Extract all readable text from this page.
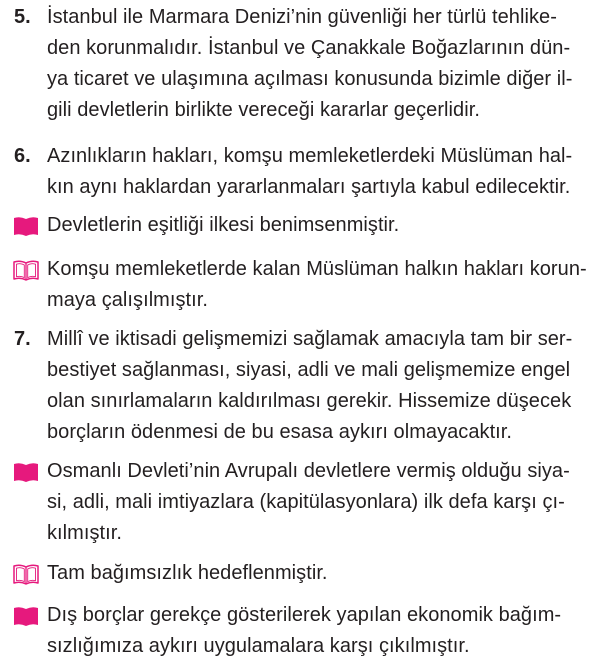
5. İstanbul ile Marmara Denizi’nin güvenliği her türlü tehlike-
den korunmalıdır. İstanbul ve Çanakkale Boğazlarının dün-
ya ticaret ve ulaşımına açılması konusunda bizimle diğer il-
gili devletlerin birlikte vereceği kararlar geçerlidir.
6. Azınlıkların hakları, komşu memleketlerdeki Müslüman hal-
kın aynı haklardan yararlanmaları şartıyla kabul edilecektir.
Devletlerin eşitliği ilkesi benimsenmiştir.
Komşu memleketlerde kalan Müslüman halkın hakları korun-
maya çalışılmıştır.
7. Millî ve iktisadi gelişmemizi sağlamak amacıyla tam bir ser-
bestiyet sağlanması, siyasi, adli ve mali gelişmemize engel
olan sınırlamaların kaldırılması gerekir. Hissemize düşecek
borçların ödenmesi de bu esasa aykırı olmayacaktır.
Osmanlı Devleti’nin Avrupalı devletlere vermiş olduğu siya-
si, adli, mali imtiyazlara (kapitülasyonlara) ilk defa karşı çı-
kılmıştır.
Tam bağımsızlık hedeflenmiştir.
Dış borçlar gerekçe gösterilerek yapılan ekonomik bağım-
sızlığımıza aykırı uygulamalara karşı çıkılmıştır.
